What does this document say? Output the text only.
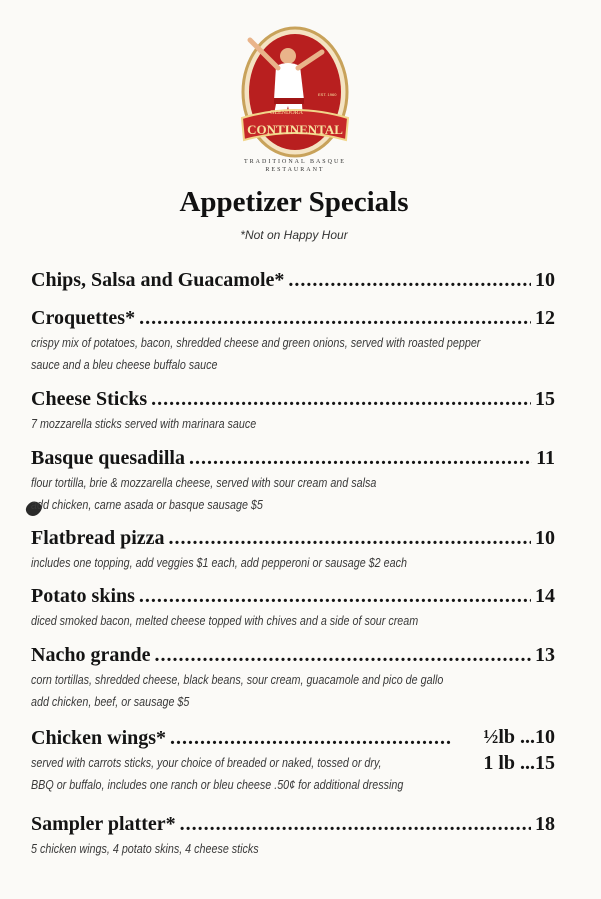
GLENDORA
CONTINENTAL
EST. 1960
TRADITIONAL BASQUE
RESTAURANT
Appetizer Specials
*Not on Happy Hour
Chips, Salsa and Guacamole* .....	10
Croquettes* .....	12
crispy mix of potatoes, bacon, shredded cheese and green onions, served with roasted pepper
sauce and a bleu cheese buffalo sauce
Cheese Sticks .....	15
7 mozzarella sticks served with marinara sauce
Basque quesadilla .....	11
flour tortilla, brie & mozzarella cheese, served with sour cream and salsa
add chicken, carne asada or basque sausage $5
Flatbread pizza .....	10
includes one topping, add veggies $1 each, add pepperoni or sausage $2 each
Potato skins .....	14
diced smoked bacon, melted cheese topped with chives and a side of sour cream
Nacho grande .....	13
corn tortillas, shredded cheese, black beans, sour cream, guacamole and pico de gallo
add chicken, beef, or sausage $5
Chicken wings* .....	½lb ...10
1 lb ...15
served with carrots sticks, your choice of breaded or naked, tossed or dry,
BBQ or buffalo, includes one ranch or bleu cheese .50¢ for additional dressing
Sampler platter* .....	18
5 chicken wings, 4 potato skins, 4 cheese sticks
